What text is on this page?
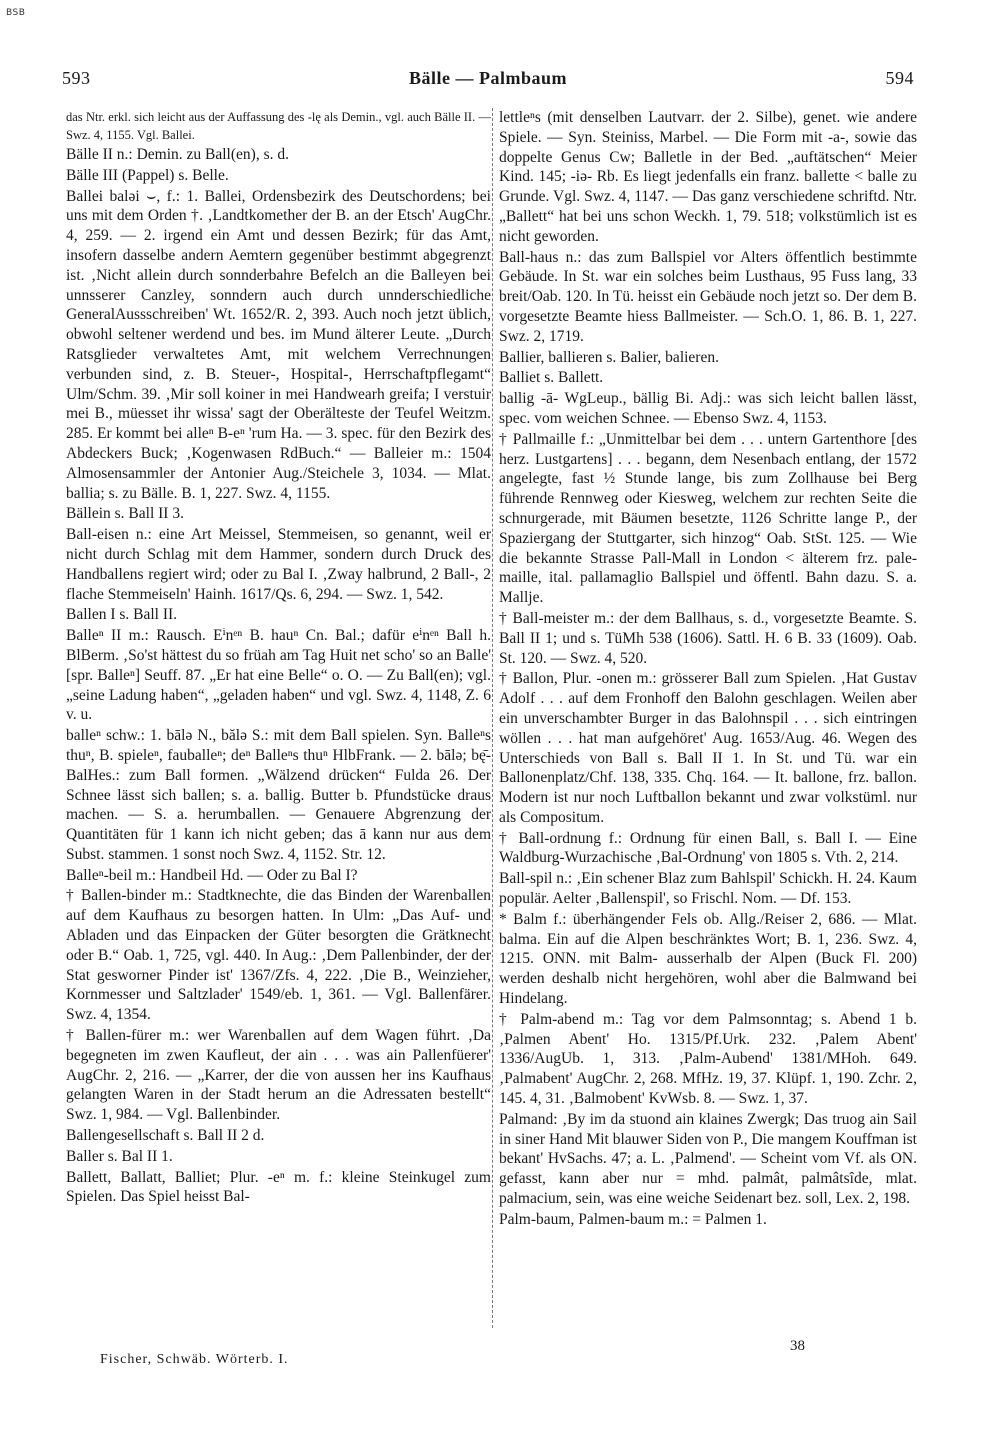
BSB
593	Bälle — Palmbaum	594

das Ntr. erkl. sich leicht aus der Auffassung des -lę als Demin., vgl. auch Bälle II. — Swz. 4, 1155. Vgl. Ballei.

Bälle II n.: Demin. zu Ball(en), s. d.

Bälle III (Pappel) s. Belle.

Ballei baləi ⌣, f.: 1. Ballei, Ordensbezirk des Deutschordens; bei uns mit dem Orden †. ‚Landtkomether der B. an der Etsch' AugChr. 4, 259. — 2. irgend ein Amt und dessen Bezirk; für das Amt, insofern dasselbe andern Aemtern gegenüber bestimmt abgegrenzt ist. ‚Nicht allein durch sonnderbahre Befelch an die Balleyen bei unnsserer Canzley, sonndern auch durch unnderschiedliche GeneralAussschreiben' Wt. 1652/R. 2, 393. Auch noch jetzt üblich, obwohl seltener werdend und bes. im Mund älterer Leute. „Durch Ratsglieder verwaltetes Amt, mit welchem Verrechnungen verbunden sind, z. B. Steuer-, Hospital-, Herrschaftpflegamt“ Ulm/Schm. 39. ‚Mir soll koiner in mei Handwearh greifa; I verstuir mei B., müesset ihr wissa' sagt der Oberälteste der Teufel Weitzm. 285. Er kommt bei alleⁿ B-eⁿ 'rum Ha. — 3. spec. für den Bezirk des Abdeckers Buck; ‚Kogenwasen RdBuch.“ — Balleier m.: 1504 Almosensammler der Antonier Aug./Steichele 3, 1034. — Mlat. ballia; s. zu Bälle. B. 1, 227. Swz. 4, 1155.

Bällein s. Ball II 3.

Ball-eisen n.: eine Art Meissel, Stemmeisen, so genannt, weil er nicht durch Schlag mit dem Hammer, sondern durch Druck des Handballens regiert wird; oder zu Bal I. ‚Zway halbrund, 2 Ball-, 2 flache Stemmeiseln' Hainh. 1617/Qs. 6, 294. — Swz. 1, 542.

Ballen I s. Ball II.

Balleⁿ II m.: Rausch. Eⁱnᵉⁿ B. hauⁿ Cn. Bal.; dafür eⁱnᵉⁿ Ball h. BlBerm. ‚So'st hättest du so früah am Tag Huit net scho' so an Balle' [spr. Balleⁿ] Seuff. 87. „Er hat eine Belle“ o. O. — Zu Ball(en); vgl. „seine Ladung haben“, „geladen haben“ und vgl. Swz. 4, 1148, Z. 6 v. u.

balleⁿ schw.: 1. bālə N., bălə S.: mit dem Ball spielen. Syn. Balleⁿs thuⁿ, B. spieleⁿ, fauballeⁿ; deⁿ Balleⁿs thuⁿ HlbFrank. — 2. bālə; bę̄- BalHes.: zum Ball formen. „Wälzend drücken“ Fulda 26. Der Schnee lässt sich ballen; s. a. ballig. Butter b. Pfundstücke draus machen. — S. a. herumballen. — Genauere Abgrenzung der Quantitäten für 1 kann ich nicht geben; das ā kann nur aus dem Subst. stammen. 1 sonst noch Swz. 4, 1152. Str. 12.

Balleⁿ-beil m.: Handbeil Hd. — Oder zu Bal I?

† Ballen-binder m.: Stadtknechte, die das Binden der Warenballen auf dem Kaufhaus zu besorgen hatten. In Ulm: „Das Auf- und Abladen und das Einpacken der Güter besorgten die Grätknecht oder B.“ Oab. 1, 725, vgl. 440. In Aug.: ‚Dem Pallenbinder, der der Stat gesworner Pinder ist' 1367/Zfs. 4, 222. ‚Die B., Weinzieher, Kornmesser und Saltzlader' 1549/eb. 1, 361. — Vgl. Ballenfärer. Swz. 4, 1354.

† Ballen-fürer m.: wer Warenballen auf dem Wagen führt. ‚Da begegneten im zwen Kaufleut, der ain . . . was ain Pallenfüerer' AugChr. 2, 216. — „Karrer, der die von aussen her ins Kaufhaus gelangten Waren in der Stadt herum an die Adressaten bestellt“ Swz. 1, 984. — Vgl. Ballenbinder.

Ballengesellschaft s. Ball II 2 d.

Baller s. Bal II 1.

Ballett, Ballatt, Balliet; Plur. -eⁿ m. f.: kleine Steinkugel zum Spielen. Das Spiel heisst Bal-

lettleⁿs (mit denselben Lautvarr. der 2. Silbe), genet. wie andere Spiele. — Syn. Steiniss, Marbel. — Die Form mit -a-, sowie das doppelte Genus Cw; Balletle in der Bed. „auftätschen“ Meier Kind. 145; -iə- Rb. Es liegt jedenfalls ein franz. ballette < balle zu Grunde. Vgl. Swz. 4, 1147. — Das ganz verschiedene schriftd. Ntr. „Ballett“ hat bei uns schon Weckh. 1, 79. 518; volkstümlich ist es nicht geworden.

Ball-haus n.: das zum Ballspiel vor Alters öffentlich bestimmte Gebäude. In St. war ein solches beim Lusthaus, 95 Fuss lang, 33 breit/Oab. 120. In Tü. heisst ein Gebäude noch jetzt so. Der dem B. vorgesetzte Beamte hiess Ballmeister. — Sch.O. 1, 86. B. 1, 227. Swz. 2, 1719.

Ballier, ballieren s. Balier, balieren.

Balliet s. Ballett.

ballig -ā- WgLeup., bällig Bi. Adj.: was sich leicht ballen lässt, spec. vom weichen Schnee. — Ebenso Swz. 4, 1153.

† Pallmaille f.: „Unmittelbar bei dem . . . untern Gartenthore [des herz. Lustgartens] . . . begann, dem Nesenbach entlang, der 1572 angelegte, fast ½ Stunde lange, bis zum Zollhause bei Berg führende Rennweg oder Kiesweg, welchem zur rechten Seite die schnurgerade, mit Bäumen besetzte, 1126 Schritte lange P., der Spaziergang der Stuttgarter, sich hinzog“ Oab. StSt. 125. — Wie die bekannte Strasse Pall-Mall in London < älterem frz. pale-maille, ital. pallamaglio Ballspiel und öffentl. Bahn dazu. S. a. Mallje.

† Ball-meister m.: der dem Ballhaus, s. d., vorgesetzte Beamte. S. Ball II 1; und s. TüMh 538 (1606). Sattl. H. 6 B. 33 (1609). Oab. St. 120. — Swz. 4, 520.

† Ballon, Plur. -onen m.: grösserer Ball zum Spielen. ‚Hat Gustav Adolf . . . auf dem Fronhoff den Balohn geschlagen. Weilen aber ein unverschambter Burger in das Balohnspil . . . sich eintringen wöllen . . . hat man aufgehöret' Aug. 1653/Aug. 46. Wegen des Unterschieds von Ball s. Ball II 1. In St. und Tü. war ein Ballonenplatz/Chf. 138, 335. Chq. 164. — It. ballone, frz. ballon. Modern ist nur noch Luftballon bekannt und zwar volkstüml. nur als Compositum.

† Ball-ordnung f.: Ordnung für einen Ball, s. Ball I. — Eine Waldburg-Wurzachische ‚Bal-Ordnung' von 1805 s. Vth. 2, 214.

Ball-spil n.: ‚Ein schener Blaz zum Bahlspil' Schickh. H. 24. Kaum populär. Aelter ‚Ballenspil', so Frischl. Nom. — Df. 153.

* Balm f.: überhängender Fels ob. Allg./Reiser 2, 686. — Mlat. balma. Ein auf die Alpen beschränktes Wort; B. 1, 236. Swz. 4, 1215. ONN. mit Balm- ausserhalb der Alpen (Buck Fl. 200) werden deshalb nicht hergehören, wohl aber die Balmwand bei Hindelang.

† Palm-abend m.: Tag vor dem Palmsonntag; s. Abend 1 b. ‚Palmen Abent' Ho. 1315/Pf.Urk. 232. ‚Palem Abent' 1336/AugUb. 1, 313. ‚Palm-Aubend' 1381/MHoh. 649. ‚Palmabent' AugChr. 2, 268. MfHz. 19, 37. Klüpf. 1, 190. Zchr. 2, 145. 4, 31. ‚Balmobent' KvWsb. 8. — Swz. 1, 37.

Palmand: ‚By im da stuond ain klaines Zwergk; Das truog ain Sail in siner Hand Mit blauwer Siden von P., Die mangem Kouffman ist bekant' HvSachs. 47; a. L. ‚Palmend'. — Scheint vom Vf. als ON. gefasst, kann aber nur = mhd. palmât, palmâtsîde, mlat. palmacium, sein, was eine weiche Seidenart bez. soll, Lex. 2, 198.

Palm-baum, Palmen-baum m.: = Palmen 1.

Fischer, Schwäb. Wörterb. I.
38
